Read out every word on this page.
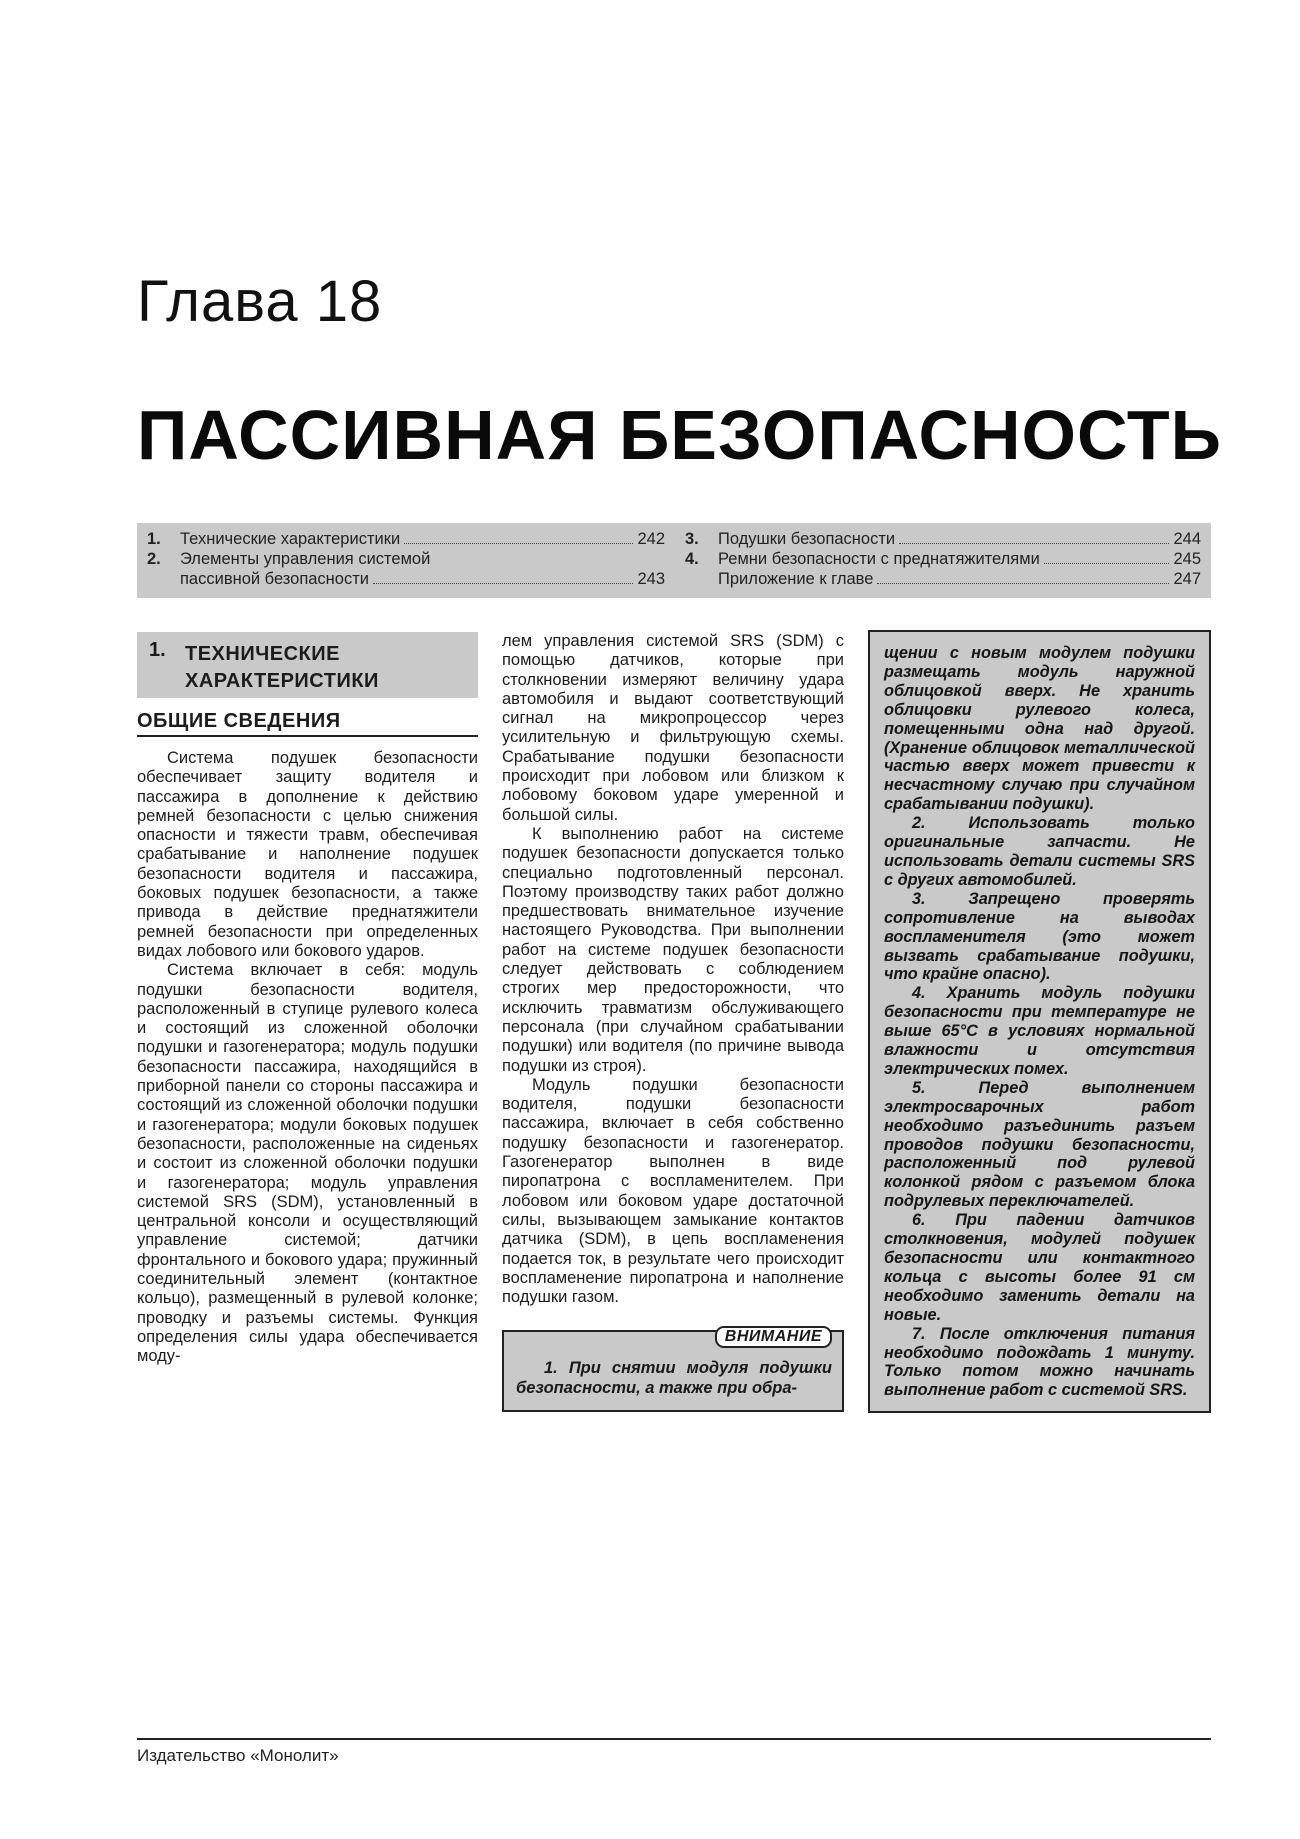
Глава 18
ПАССИВНАЯ БЕЗОПАСНОСТЬ
1.	Технические характеристики	242
2.	Элементы управления системой
пассивной безопасности	243
3.	Подушки безопасности	244
4.	Ремни безопасности с преднатяжителями	245
Приложение к главе	247
1. ТЕХНИЧЕСКИЕ
ХАРАКТЕРИСТИКИ
ОБЩИЕ СВЕДЕНИЯ

Система подушек безопасности обеспечивает защиту водителя и пассажира в дополнение к действию ремней безопасности с целью снижения опасности и тяжести травм, обеспечивая срабатывание и наполнение подушек безопасности водителя и пассажира, боковых подушек безопасности, а также привода в действие преднатяжители ремней безопасности при определенных видах лобового или бокового ударов.

Система включает в себя: модуль подушки безопасности водителя, расположенный в ступице рулевого колеса и состоящий из сложенной оболочки подушки и газогенератора; модуль подушки безопасности пассажира, находящийся в приборной панели со стороны пассажира и состоящий из сложенной оболочки подушки и газогенератора; модули боковых подушек безопасности, расположенные на сиденьях и состоит из сложенной оболочки подушки и газогенератора; модуль управления системой SRS (SDM), установленный в центральной консоли и осуществляющий управление системой; датчики фронтального и бокового удара; пружинный соединительный элемент (контактное кольцо), размещенный в рулевой колонке; проводку и разъемы системы. Функция определения силы удара обеспечивается моду-

лем управления системой SRS (SDM) с помощью датчиков, которые при столкновении измеряют величину удара автомобиля и выдают соответствующий сигнал на микропроцессор через усилительную и фильтрующую схемы. Срабатывание подушки безопасности происходит при лобовом или близком к лобовому боковом ударе умеренной и большой силы.

К выполнению работ на системе подушек безопасности допускается только специально подготовленный персонал. Поэтому производству таких работ должно предшествовать внимательное изучение настоящего Руководства. При выполнении работ на системе подушек безопасности следует действовать с соблюдением строгих мер предосторожности, что исключить травматизм обслуживающего персонала (при случайном срабатывании подушки) или водителя (по причине вывода подушки из строя).

Модуль подушки безопасности водителя, подушки безопасности пассажира, включает в себя собственно подушку безопасности и газогенератор. Газогенератор выполнен в виде пиропатрона с воспламенителем. При лобовом или боковом ударе достаточной силы, вызывающем замыкание контактов датчика (SDM), в цепь воспламенения подается ток, в результате чего происходит воспламенение пиропатрона и наполнение подушки газом.

ВНИМАНИЕ
1. При снятии модуля подушки безопасности, а также при обра-

щении с новым модулем подушки размещать модуль наружной облицовкой вверх. Не хранить облицовки рулевого колеса, помещенными одна над другой. (Хранение облицовок металлической частью вверх может привести к несчастному случаю при случайном срабатывании подушки).

2. Использовать только оригинальные запчасти. Не использовать детали системы SRS с других автомобилей.

3. Запрещено проверять сопротивление на выводах воспламенителя (это может вызвать срабатывание подушки, что крайне опасно).

4. Хранить модуль подушки безопасности при температуре не выше 65°С в условиях нормальной влажности и отсутствия электрических помех.

5. Перед выполнением электросварочных работ необходимо разъединить разъем проводов подушки безопасности, расположенный под рулевой колонкой рядом с разъемом блока подрулевых переключателей.

6. При падении датчиков столкновения, модулей подушек безопасности или контактного кольца с высоты более 91 см необходимо заменить детали на новые.

7. После отключения питания необходимо подождать 1 минуту. Только потом можно начинать выполнение работ с системой SRS.

Издательство «Монолит»
